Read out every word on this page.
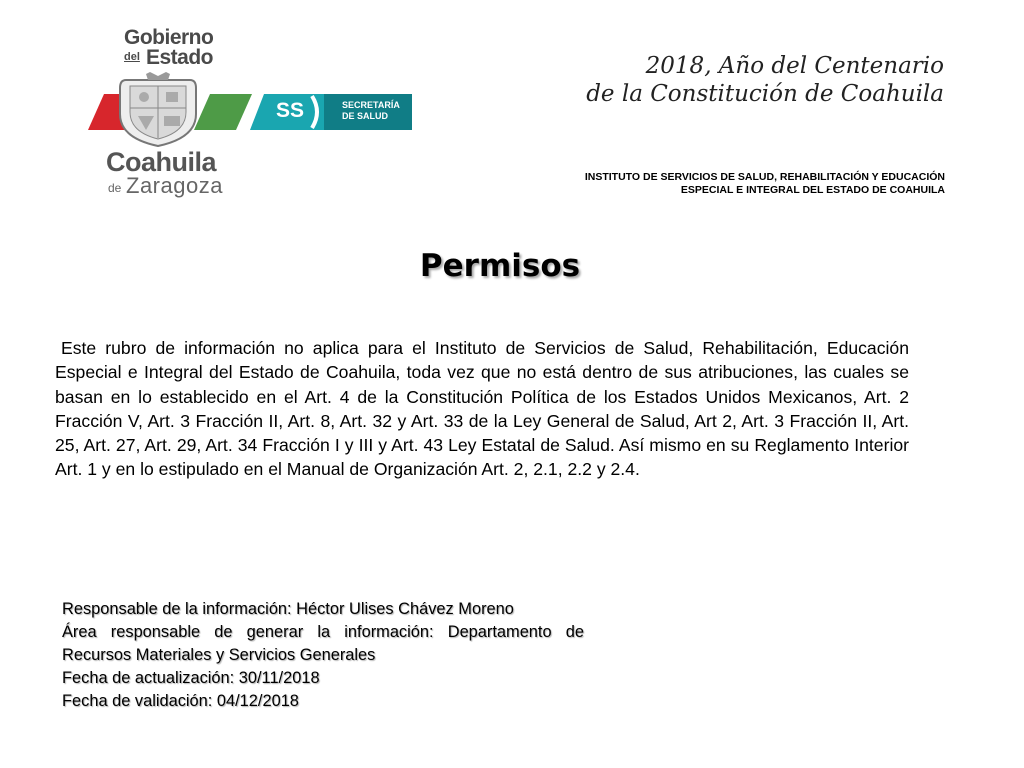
Gobierno
del Estado
SS	SECRETARÍA
DE SALUD
Coahuila
de Zaragoza
2018, Año del Centenario
de la Constitución de Coahuila
INSTITUTO DE SERVICIOS DE SALUD, REHABILITACIÓN Y EDUCACIÓN
ESPECIAL E INTEGRAL DEL ESTADO DE COAHUILA
Permisos
Este rubro de información no aplica para el Instituto de Servicios de Salud, Rehabilitación, Educación Especial e Integral del Estado de Coahuila, toda vez que no está dentro de sus atribuciones, las cuales se basan en lo establecido en el Art. 4 de la Constitución Política de los Estados Unidos Mexicanos, Art. 2 Fracción V, Art. 3 Fracción II, Art. 8, Art. 32 y Art. 33 de la Ley General de Salud, Art 2, Art. 3 Fracción II, Art. 25, Art. 27, Art. 29, Art. 34 Fracción I y III y Art. 43 Ley Estatal de Salud. Así mismo en su Reglamento Interior Art. 1 y en lo estipulado en el Manual de Organización Art. 2, 2.1, 2.2 y 2.4.
Responsable de la información: Héctor Ulises Chávez Moreno
Área responsable de generar la información: Departamento de Recursos Materiales y Servicios Generales
Fecha de actualización: 30/11/2018
Fecha de validación: 04/12/2018
